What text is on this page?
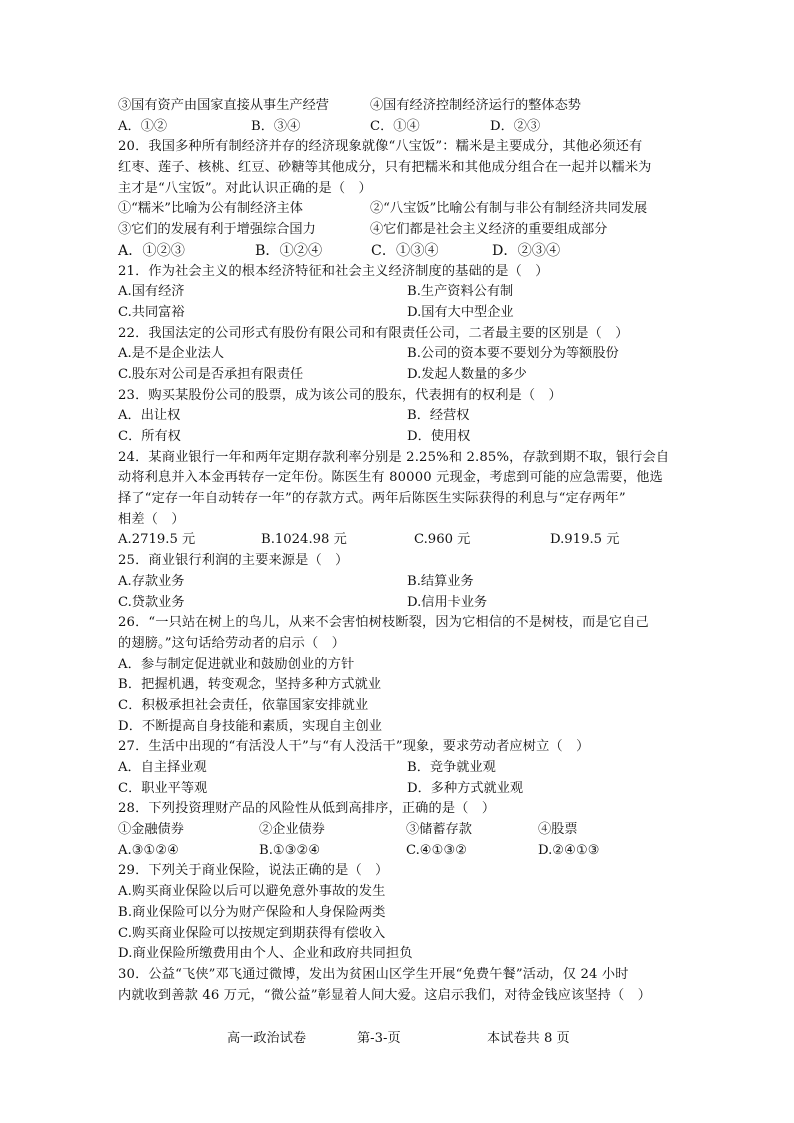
③国有资产由国家直接从事生产经营	④国有经济控制经济运行的整体态势
A．①②	B．③④	C．①④	D．②③
20．我国多种所有制经济并存的经济现象就像“八宝饭”：糯米是主要成分，其他必须还有
红枣、莲子、核桃、红豆、砂糖等其他成分，只有把糯米和其他成分组合在一起并以糯米为
主才是“八宝饭”。对此认识正确的是（　）
①“糯米”比喻为公有制经济主体	②“八宝饭”比喻公有制与非公有制经济共同发展
③它们的发展有利于增强综合国力	④它们都是社会主义经济的重要组成部分
A．①②③	B．①②④	C．①③④	D．②③④
21．作为社会主义的根本经济特征和社会主义经济制度的基础的是（　）
A.国有经济	B.生产资料公有制
C.共同富裕	D.国有大中型企业
22．我国法定的公司形式有股份有限公司和有限责任公司，二者最主要的区别是（　）
A.是不是企业法人	B.公司的资本要不要划分为等额股份
C.股东对公司是否承担有限责任	D.发起人数量的多少
23．购买某股份公司的股票，成为该公司的股东，代表拥有的权利是（　）
A．出让权	B．经营权
C．所有权	D．使用权
24．某商业银行一年和两年定期存款利率分别是 2.25%和 2.85%，存款到期不取，银行会自
动将利息并入本金再转存一定年份。陈医生有 80000 元现金，考虑到可能的应急需要，他选
择了“定存一年自动转存一年”的存款方式。两年后陈医生实际获得的利息与“定存两年”
相差（　）
A.2719.5 元	B.1024.98 元	C.960 元	D.919.5 元
25．商业银行利润的主要来源是（　）
A.存款业务	B.结算业务
C.贷款业务	D.信用卡业务
26．“一只站在树上的鸟儿，从来不会害怕树枝断裂，因为它相信的不是树枝，而是它自己
的翅膀。”这句话给劳动者的启示（　）
A．参与制定促进就业和鼓励创业的方针
B．把握机遇，转变观念，坚持多种方式就业
C．积极承担社会责任，依靠国家安排就业
D．不断提高自身技能和素质，实现自主创业
27．生活中出现的“有活没人干”与“有人没活干”现象，要求劳动者应树立（　）
A．自主择业观	B．竞争就业观
C．职业平等观	D．多种方式就业观
28．下列投资理财产品的风险性从低到高排序，正确的是（　）
①金融债券	②企业债券	③储蓄存款	④股票
A.③①②④	B.①③②④	C.④①③②	D.②④①③
29．下列关于商业保险，说法正确的是（　）
A.购买商业保险以后可以避免意外事故的发生
B.商业保险可以分为财产保险和人身保险两类
C.购买商业保险可以按规定到期获得有偿收入
D.商业保险所缴费用由个人、企业和政府共同担负
30．公益“飞侠”邓飞通过微博，发出为贫困山区学生开展“免费午餐”活动，仅 24 小时
内就收到善款 46 万元，“微公益”彰显着人间大爱。这启示我们，对待金钱应该坚持（　）
高一政治试卷	第-3-页	本试卷共 8 页
